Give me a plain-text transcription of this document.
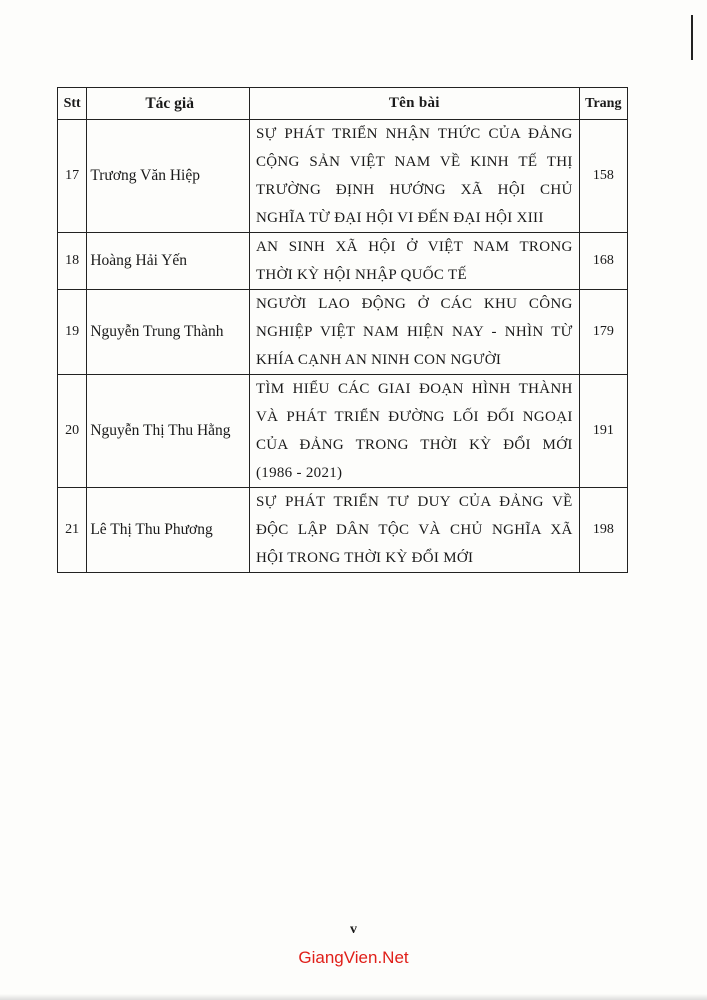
Stt	Tác giả	Tên bài	Trang
17	Trương Văn Hiệp	SỰ PHÁT TRIỂN NHẬN THỨC CỦA ĐẢNG
CỘNG SẢN VIỆT NAM VỀ KINH TẾ THỊ
TRƯỜNG ĐỊNH HƯỚNG XÃ HỘI CHỦ
NGHĨA TỪ ĐẠI HỘI VI ĐẾN ĐẠI HỘI XIII	158
18	Hoàng Hải Yến	AN SINH XÃ HỘI Ở VIỆT NAM TRONG
THỜI KỲ HỘI NHẬP QUỐC TẾ	168
19	Nguyễn Trung Thành	NGƯỜI LAO ĐỘNG Ở CÁC KHU CÔNG
NGHIỆP VIỆT NAM HIỆN NAY - NHÌN TỪ
KHÍA CẠNH AN NINH CON NGƯỜI	179
20	Nguyễn Thị Thu Hằng	TÌM HIỂU CÁC GIAI ĐOẠN HÌNH THÀNH
VÀ PHÁT TRIỂN ĐƯỜNG LỐI ĐỐI NGOẠI
CỦA ĐẢNG TRONG THỜI KỲ ĐỔI MỚI
(1986 - 2021)	191
21	Lê Thị Thu Phương	SỰ PHÁT TRIỂN TƯ DUY CỦA ĐẢNG VỀ
ĐỘC LẬP DÂN TỘC VÀ CHỦ NGHĨA XÃ
HỘI TRONG THỜI KỲ ĐỔI MỚI	198
v
GiangVien.Net
